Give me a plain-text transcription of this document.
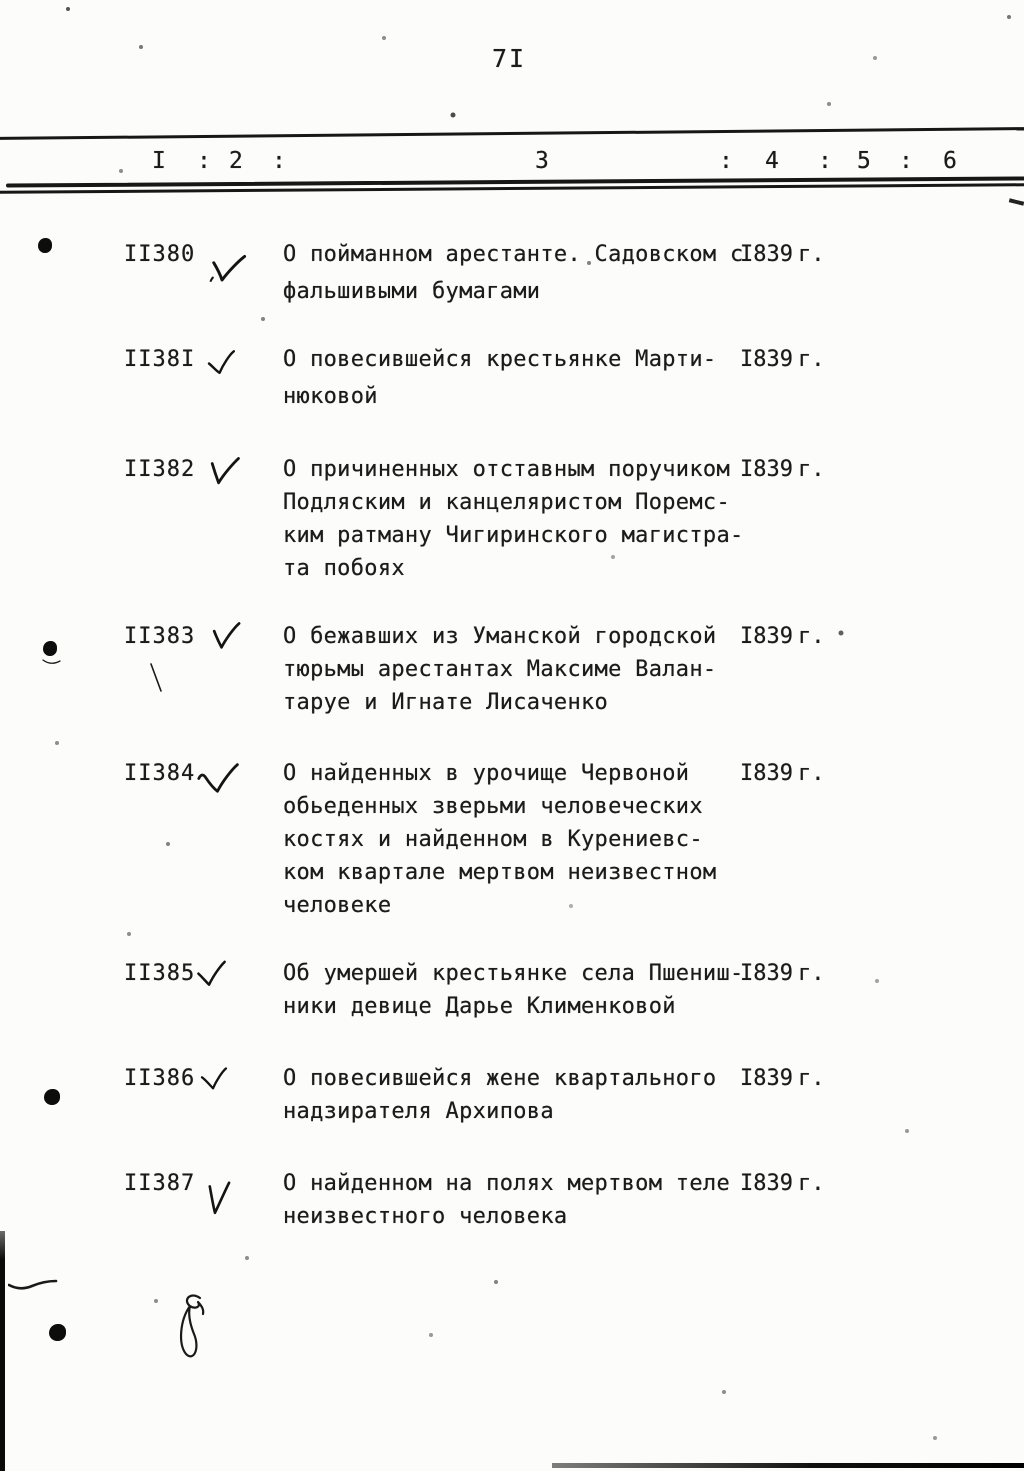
7I
I : 2 :	3	: 4 : 5 : 6
II380	О пойманном арестанте. Садовском с
фальшивыми бумагами
I839 г.
II38I	О повесившейся крестьянке Марти-
нюковой
I839 г.
II382	О причиненных отставным поручиком
Подляским и канцеляристом Поремс-
ким ратману Чигиринского магистра-
та побоях
I839 г.
II383	О бежавших из Уманской городской
тюрьмы арестантах Максиме Валан-
таруе и Игнате Лисаченко
I839 г.
II384	О найденных в урочище Червоной
обьеденных зверьми человеческих
костях и найденном в Курениевс-
ком квартале мертвом неизвестном
человеке
I839 г.
II385	Об умершей крестьянке села Пшениш-
ники девице Дарье Клименковой
I839 г.
II386	О повесившейся жене квартального
надзирателя Архипова
I839 г.
II387	О найденном на полях мертвом теле
неизвестного человека
I839 г.
